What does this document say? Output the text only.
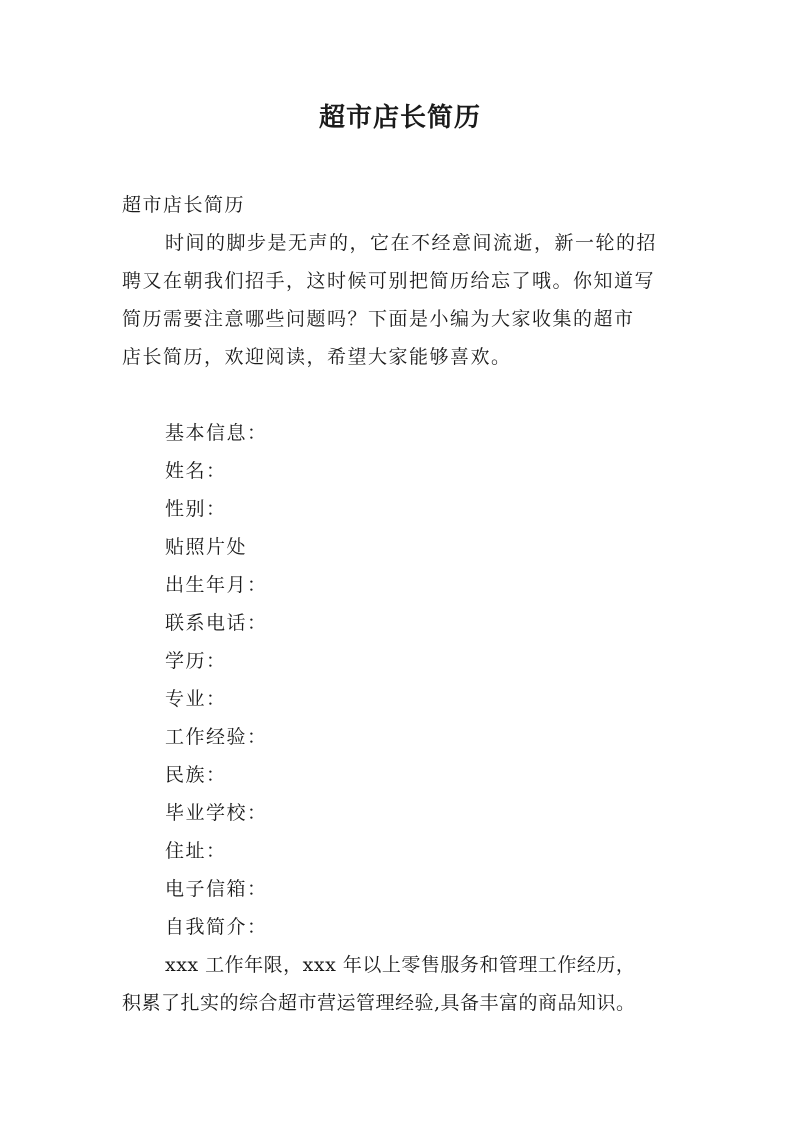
超市店长简历
超市店长简历
时间的脚步是无声的，它在不经意间流逝，新一轮的招
聘又在朝我们招手，这时候可别把简历给忘了哦。你知道写
简历需要注意哪些问题吗？下面是小编为大家收集的超市
店长简历，欢迎阅读，希望大家能够喜欢。
基本信息：
姓名：
性别：
贴照片处
出生年月：
联系电话：
学历：
专业：
工作经验：
民族：
毕业学校：
住址：
电子信箱：
自我简介：
xxx 工作年限，xxx 年以上零售服务和管理工作经历，
积累了扎实的综合超市营运管理经验,具备丰富的商品知识。
